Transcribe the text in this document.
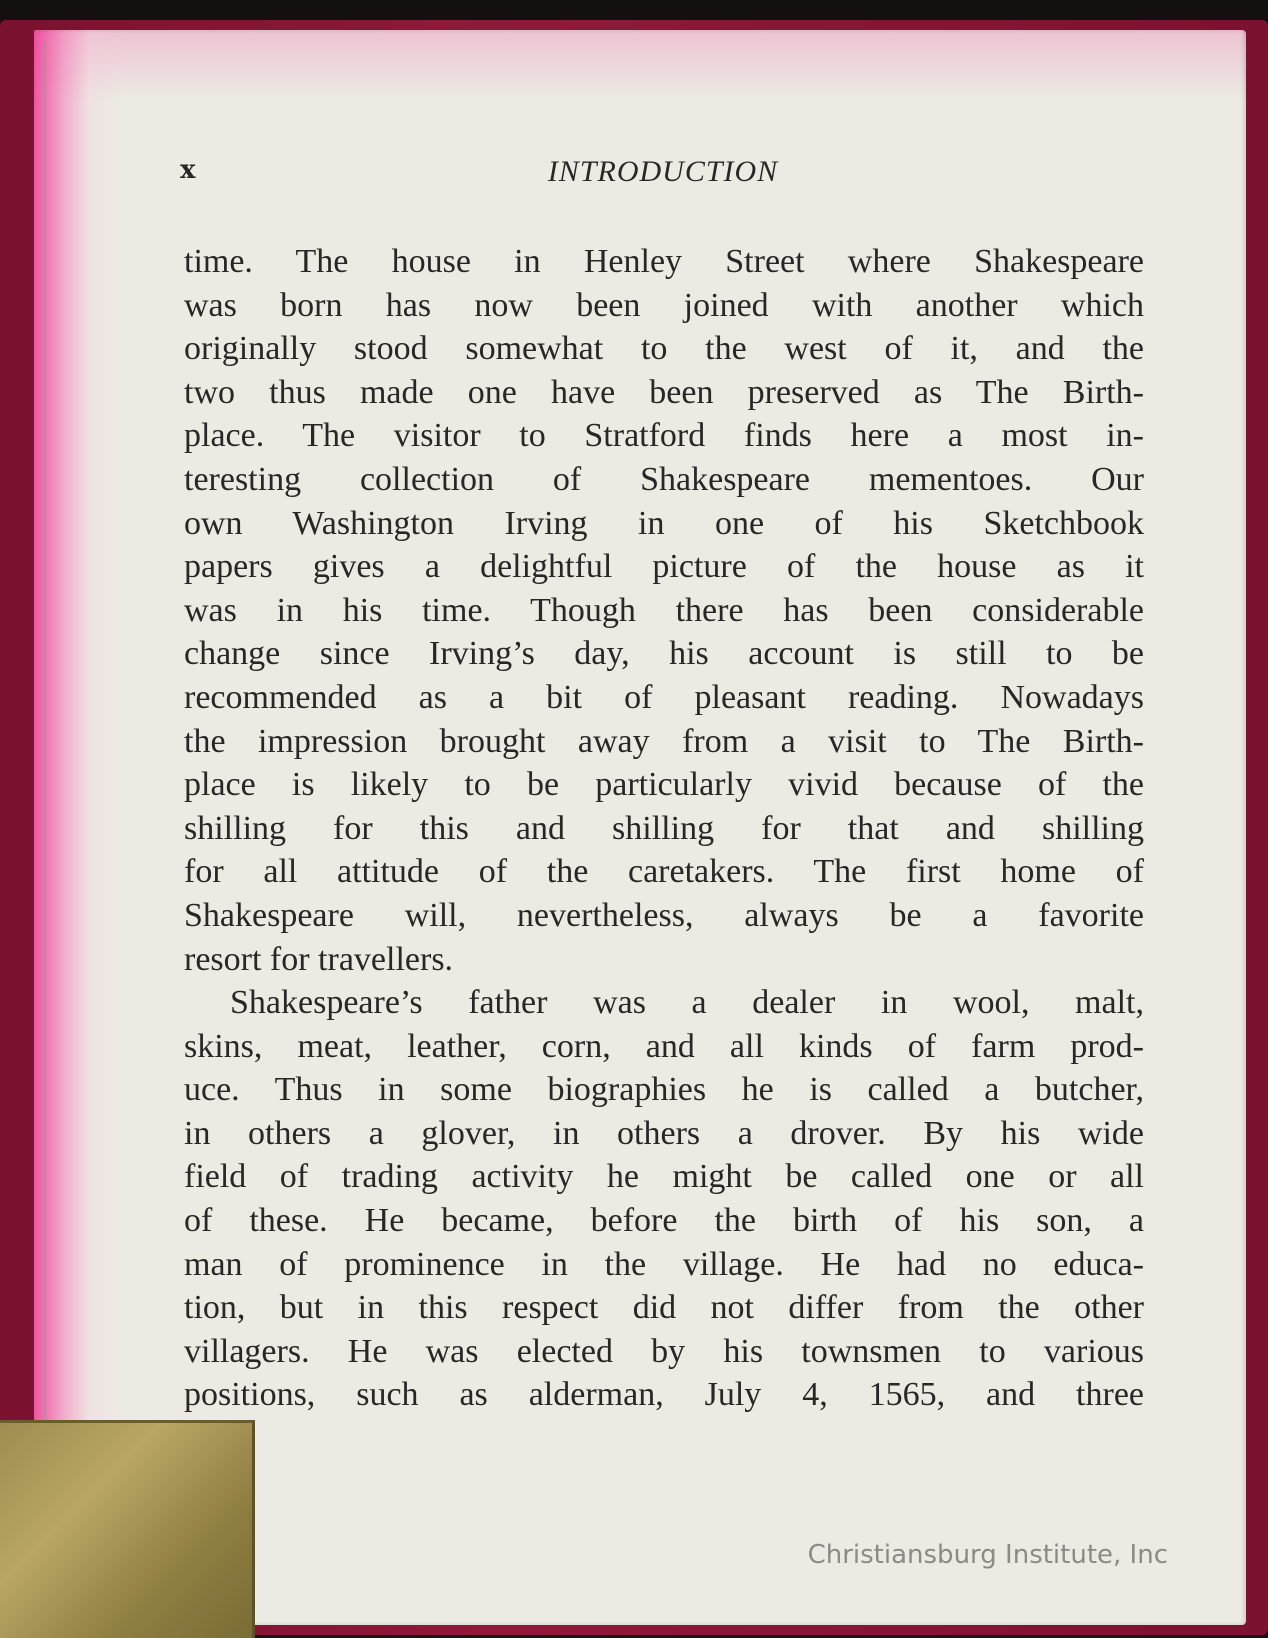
x	INTRODUCTION
time. The house in Henley Street where Shakespeare
was born has now been joined with another which
originally stood somewhat to the west of it, and the
two thus made one have been preserved as The Birth-
place. The visitor to Stratford finds here a most in-
teresting collection of Shakespeare mementoes. Our
own Washington Irving in one of his Sketchbook
papers gives a delightful picture of the house as it
was in his time. Though there has been considerable
change since Irving’s day, his account is still to be
recommended as a bit of pleasant reading. Nowadays
the impression brought away from a visit to The Birth-
place is likely to be particularly vivid because of the
shilling for this and shilling for that and shilling
for all attitude of the caretakers. The first home of
Shakespeare will, nevertheless, always be a favorite
resort for travellers.
Shakespeare’s father was a dealer in wool, malt,
skins, meat, leather, corn, and all kinds of farm prod-
uce. Thus in some biographies he is called a butcher,
in others a glover, in others a drover. By his wide
field of trading activity he might be called one or all
of these. He became, before the birth of his son, a
man of prominence in the village. He had no educa-
tion, but in this respect did not differ from the other
villagers. He was elected by his townsmen to various
positions, such as alderman, July 4, 1565, and three
Christiansburg Institute, Inc
